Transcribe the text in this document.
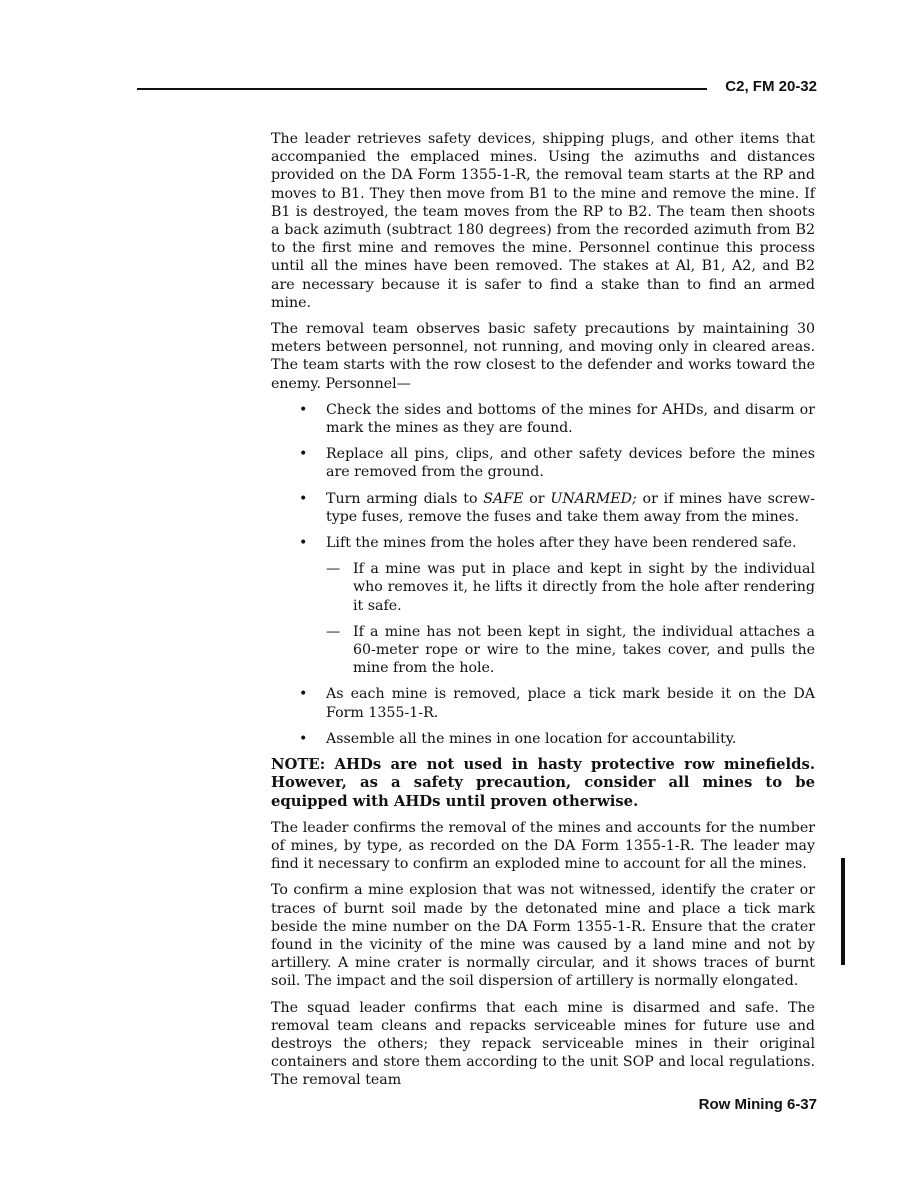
C2, FM 20-32

The leader retrieves safety devices, shipping plugs, and other items that accompanied the emplaced mines. Using the azimuths and distances provided on the DA Form 1355-1-R, the removal team starts at the RP and moves to B1. They then move from B1 to the mine and remove the mine. If B1 is destroyed, the team moves from the RP to B2. The team then shoots a back azimuth (subtract 180 degrees) from the recorded azimuth from B2 to the first mine and removes the mine. Personnel continue this process until all the mines have been removed. The stakes at Al, B1, A2, and B2 are necessary because it is safer to find a stake than to find an armed mine.

The removal team observes basic safety precautions by maintaining 30 meters between personnel, not running, and moving only in cleared areas. The team starts with the row closest to the defender and works toward the enemy. Personnel—

• Check the sides and bottoms of the mines for AHDs, and disarm or mark the mines as they are found.
• Replace all pins, clips, and other safety devices before the mines are removed from the ground.
• Turn arming dials to SAFE or UNARMED; or if mines have screw-type fuses, remove the fuses and take them away from the mines.
• Lift the mines from the holes after they have been rendered safe.
— If a mine was put in place and kept in sight by the individual who removes it, he lifts it directly from the hole after rendering it safe.
— If a mine has not been kept in sight, the individual attaches a 60-meter rope or wire to the mine, takes cover, and pulls the mine from the hole.
• As each mine is removed, place a tick mark beside it on the DA Form 1355-1-R.
• Assemble all the mines in one location for accountability.

NOTE: AHDs are not used in hasty protective row minefields. However, as a safety precaution, consider all mines to be equipped with AHDs until proven otherwise.

The leader confirms the removal of the mines and accounts for the number of mines, by type, as recorded on the DA Form 1355-1-R. The leader may find it necessary to confirm an exploded mine to account for all the mines.

To confirm a mine explosion that was not witnessed, identify the crater or traces of burnt soil made by the detonated mine and place a tick mark beside the mine number on the DA Form 1355-1-R. Ensure that the crater found in the vicinity of the mine was caused by a land mine and not by artillery. A mine crater is normally circular, and it shows traces of burnt soil. The impact and the soil dispersion of artillery is normally elongated.

The squad leader confirms that each mine is disarmed and safe. The removal team cleans and repacks serviceable mines for future use and destroys the others; they repack serviceable mines in their original containers and store them according to the unit SOP and local regulations. The removal team

Row Mining 6-37
